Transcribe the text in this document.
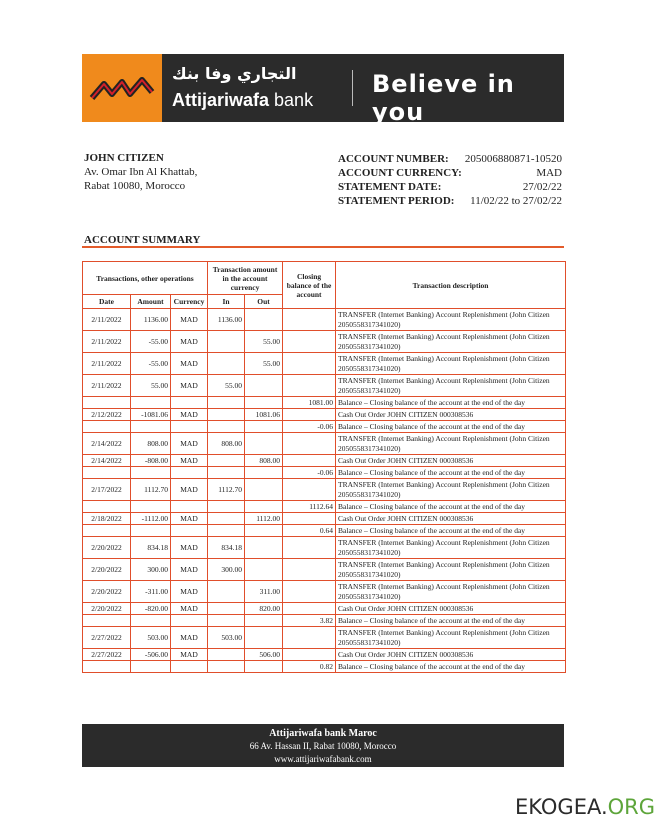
التجاري وفا بنك
Attijariwafa bank
Believe in you
JOHN CITIZEN
Av. Omar Ibn Al Khattab,
Rabat 10080, Morocco
ACCOUNT NUMBER: 205006880871-10520
ACCOUNT CURRENCY:	MAD
STATEMENT DATE:	27/02/22
STATEMENT PERIOD: 11/02/22 to 27/02/22
ACCOUNT SUMMARY
Transactions, other operations			Transaction amount in the account currency		Closing balance of the account	Transaction description
Date	Amount	Currency	In	Out		
2/11/2022	1136.00	MAD	1136.00			TRANSFER (Internet Banking) Account Replenishment (John Citizen 2050558317341020)
2/11/2022	-55.00	MAD		55.00		TRANSFER (Internet Banking) Account Replenishment (John Citizen 2050558317341020)
2/11/2022	-55.00	MAD		55.00		TRANSFER (Internet Banking) Account Replenishment (John Citizen 2050558317341020)
2/11/2022	55.00	MAD	55.00			TRANSFER (Internet Banking) Account Replenishment (John Citizen 2050558317341020)
					1081.00	Balance – Closing balance of the account at the end of the day
2/12/2022	-1081.06	MAD		1081.06		Cash Out Order JOHN CITIZEN 000308536
					-0.06	Balance – Closing balance of the account at the end of the day
2/14/2022	808.00	MAD	808.00			TRANSFER (Internet Banking) Account Replenishment (John Citizen 2050558317341020)
2/14/2022	-808.00	MAD		808.00		Cash Out Order JOHN CITIZEN 000308536
					-0.06	Balance – Closing balance of the account at the end of the day
2/17/2022	1112.70	MAD	1112.70			TRANSFER (Internet Banking) Account Replenishment (John Citizen 2050558317341020)
					1112.64	Balance – Closing balance of the account at the end of the day
2/18/2022	-1112.00	MAD		1112.00		Cash Out Order JOHN CITIZEN 000308536
					0.64	Balance – Closing balance of the account at the end of the day
2/20/2022	834.18	MAD	834.18			TRANSFER (Internet Banking) Account Replenishment (John Citizen 2050558317341020)
2/20/2022	300.00	MAD	300.00			TRANSFER (Internet Banking) Account Replenishment (John Citizen 2050558317341020)
2/20/2022	-311.00	MAD		311.00		TRANSFER (Internet Banking) Account Replenishment (John Citizen 2050558317341020)
2/20/2022	-820.00	MAD		820.00		Cash Out Order JOHN CITIZEN 000308536
					3.82	Balance – Closing balance of the account at the end of the day
2/27/2022	503.00	MAD	503.00			TRANSFER (Internet Banking) Account Replenishment (John Citizen 2050558317341020)
2/27/2022	-506.00	MAD		506.00		Cash Out Order JOHN CITIZEN 000308536
					0.82	Balance – Closing balance of the account at the end of the day
Attijariwafa bank Maroc
66 Av. Hassan II, Rabat 10080, Morocco
www.attijariwafabank.com
EKOGEA.ORG
